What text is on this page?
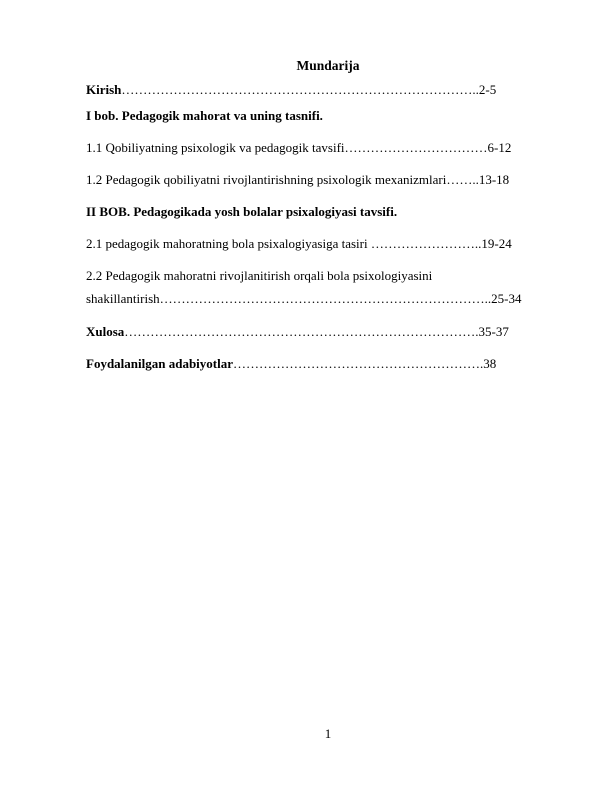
Mundarija
Kirish………………………………………………………………………..2-5
I bob. Pedagogik mahorat va uning tasnifi.
1.1 Qobiliyatning psixologik va pedagogik tavsifi……………………………6-12
1.2 Pedagogik qobiliyatni rivojlantirishning psixologik mexanizmlari……..13-18
II BOB. Pedagogikada yosh bolalar psixalogiyasi tavsifi.
2.1 pedagogik mahoratning bola psixalogiyasiga tasiri ……………………..19-24
2.2 Pedagogik mahoratni rivojlanitirish orqali bola psixologiyasini
shakillantirish…………………………………………………………………..25-34
Xulosa……………………………………………………………………….35-37
Foydalanilgan adabiyotlar………………………………………………….38
1
